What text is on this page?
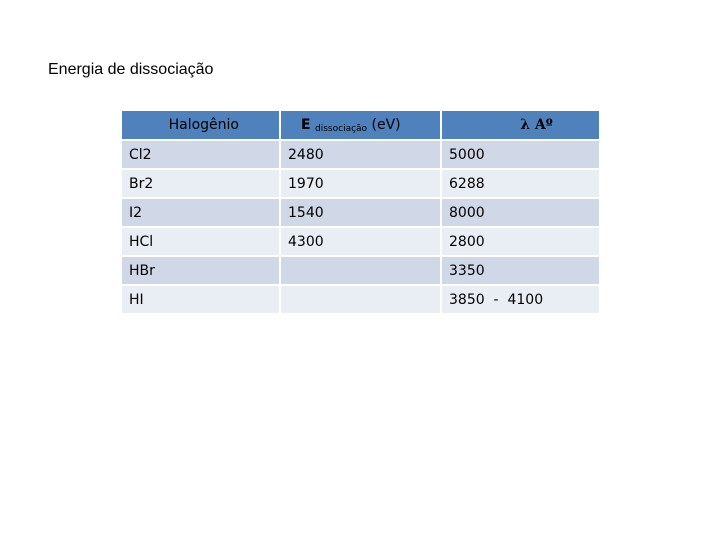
Energia de dissociação
Halogênio	E $_{dissociação}$ (eV)	λ Aº
Cl2	2480	5000
Br2	1970	6288
I2	1540	8000
HCl	4300	2800
HBr		3350
HI		3850  -  4100
